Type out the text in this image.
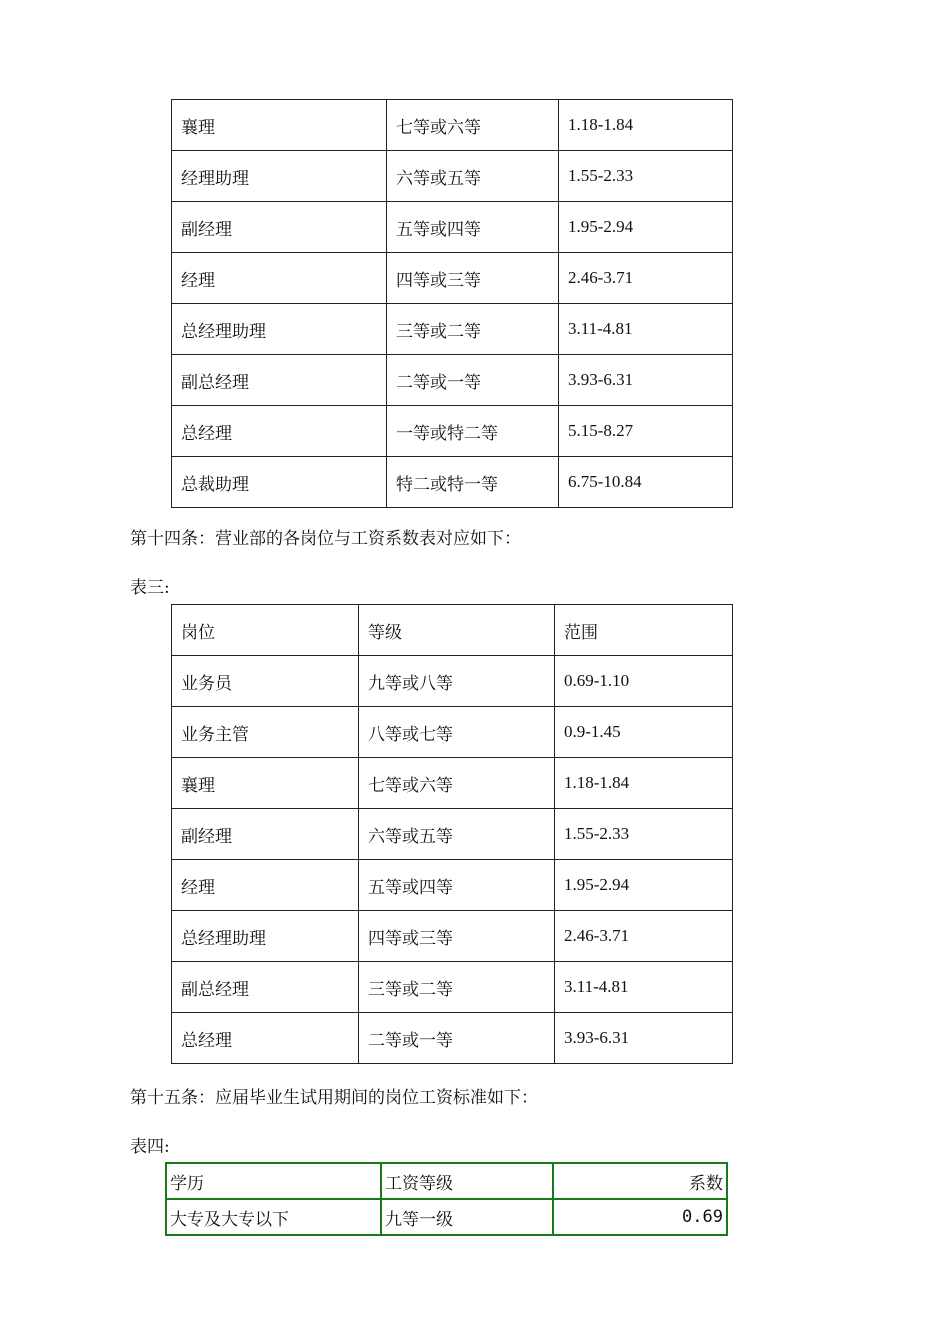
襄理	七等或六等	1.18-1.84
经理助理	六等或五等	1.55-2.33
副经理	五等或四等	1.95-2.94
经理	四等或三等	2.46-3.71
总经理助理	三等或二等	3.11-4.81
副总经理	二等或一等	3.93-6.31
总经理	一等或特二等	5.15-8.27
总裁助理	特二或特一等	6.75-10.84
第十四条：营业部的各岗位与工资系数表对应如下：
表三:
岗位	等级	范围
业务员	九等或八等	0.69-1.10
业务主管	八等或七等	0.9-1.45
襄理	七等或六等	1.18-1.84
副经理	六等或五等	1.55-2.33
经理	五等或四等	1.95-2.94
总经理助理	四等或三等	2.46-3.71
副总经理	三等或二等	3.11-4.81
总经理	二等或一等	3.93-6.31
第十五条：应届毕业生试用期间的岗位工资标准如下：
表四:
学历	工资等级	系数
大专及大专以下	九等一级	0.69
